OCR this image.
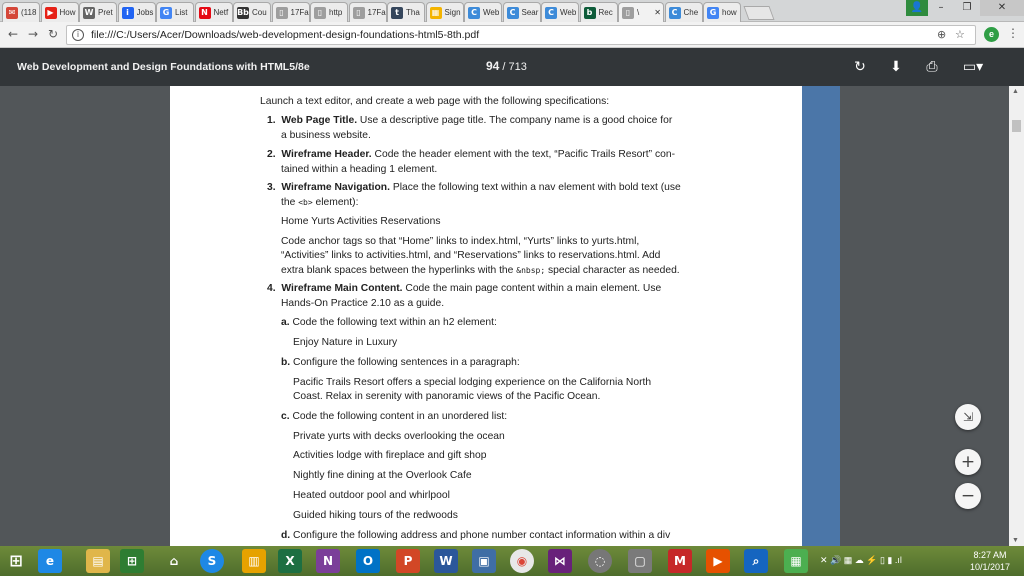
✉ (118	▶ How W Pret	i Jobs	G List	N Netf	Bb Cou	▯ 17Fa	▯ http	▯ 17Fa	t Tha	▦ Sign	C Web	C Sear	C Web	b Rec	▯ \	✕	C Che	G how	👤	–	❐	✕
← → ↻	i	file:///C:/Users/Acer/Downloads/web-development-design-foundations-html5-8th.pdf	⊕ ☆	e	⋮
Web Development and Design Foundations with HTML5/8e	94 / 713	↻ ⬇	⎙	▭▾
Launch a text editor, and create a web page with the following specifications:
1. Web Page Title. Use a descriptive page title. The company name is a good choice for
a business website.
2. Wireframe Header. Code the header element with the text, “Pacific Trails Resort” con-
tained within a heading 1 element.
3. Wireframe Navigation. Place the following text within a nav element with bold text (use
the <b> element):
Home Yurts Activities Reservations
Code anchor tags so that “Home” links to index.html, “Yurts” links to yurts.html,
“Activities” links to activities.html, and “Reservations” links to reservations.html. Add
extra blank spaces between the hyperlinks with the &nbsp; special character as needed.
4. Wireframe Main Content. Code the main page content within a main element. Use
Hands-On Practice 2.10 as a guide.
a. Code the following text within an h2 element:
Enjoy Nature in Luxury
b. Configure the following sentences in a paragraph:
Pacific Trails Resort offers a special lodging experience on the California North
Coast. Relax in serenity with panoramic views of the Pacific Ocean.
c. Code the following content in an unordered list:
Private yurts with decks overlooking the ocean
Activities lodge with fireplace and gift shop
Nightly fine dining at the Overlook Cafe
Heated outdoor pool and whirlpool
Guided hiking tours of the redwoods
d. Configure the following address and phone number contact information within a div
▲
▼
⇲
+
−
⊞	e	▤	⊞	⌂	S	▥	X	N	O	P	W	▣	◉	⋈	◌	▢	M	▶	⌕	▦	✕ 🔊 ▦ ☁ ⚡ ▯ ▮ .ıl	8:27 AM
10/1/2017
